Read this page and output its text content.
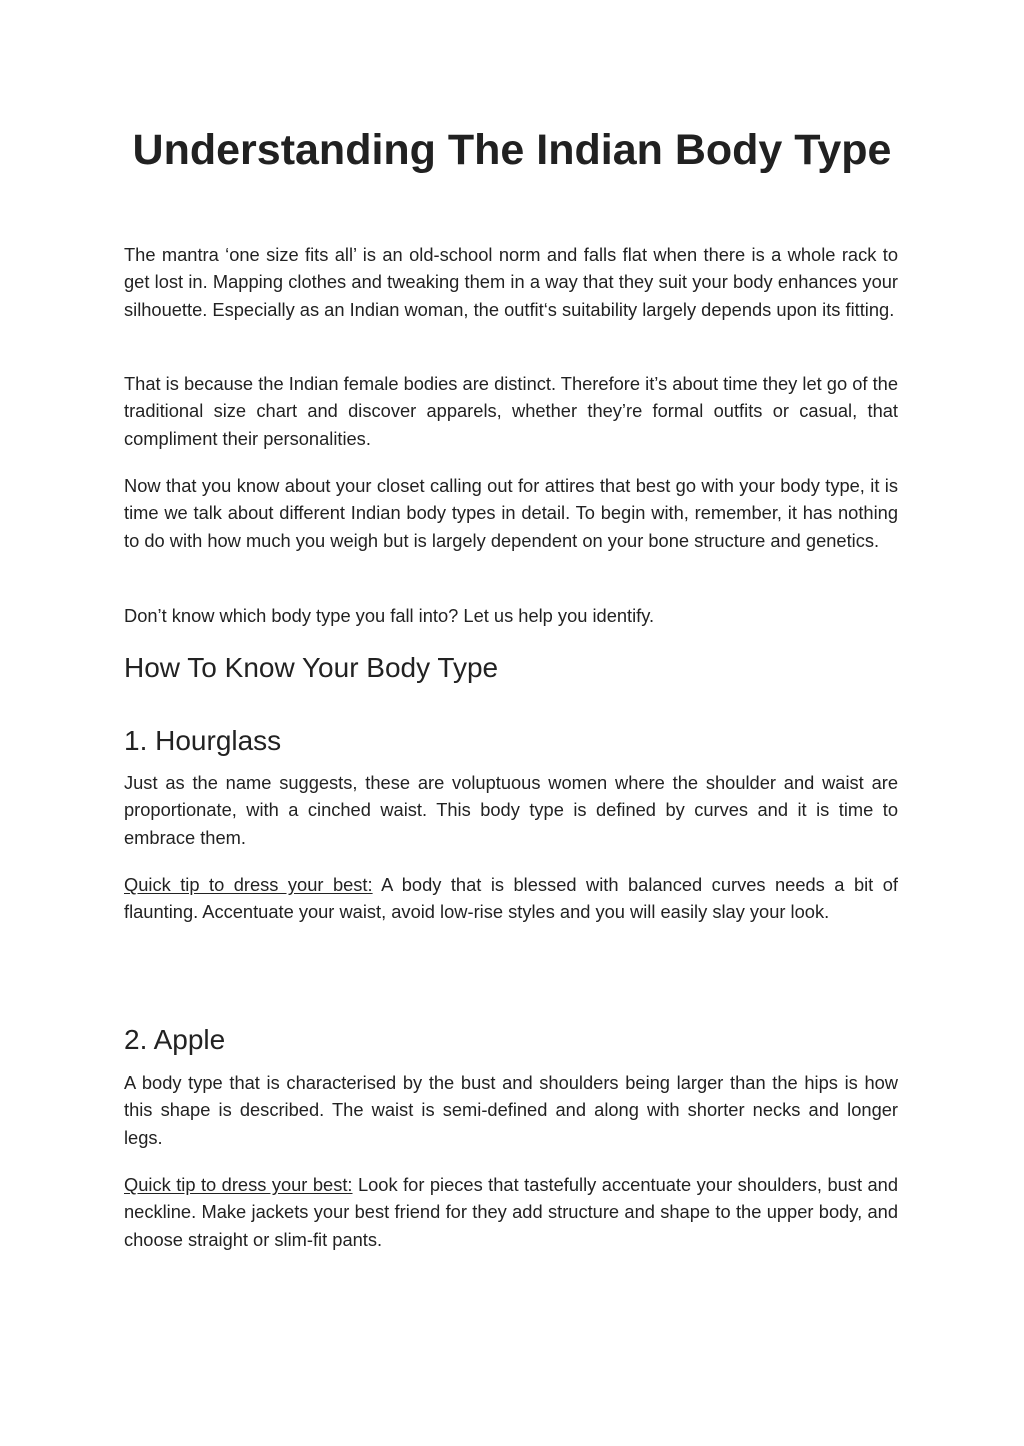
Understanding The Indian Body Type

The mantra ‘one size fits all’ is an old-school norm and falls flat when there is a whole rack to get lost in. Mapping clothes and tweaking them in a way that they suit your body enhances your silhouette. Especially as an Indian woman, the outfit‘s suitability largely depends upon its fitting.

That is because the Indian female bodies are distinct. Therefore it’s about time they let go of the traditional size chart and discover apparels, whether they’re formal outfits or casual, that compliment their personalities.

Now that you know about your closet calling out for attires that best go with your body type, it is time we talk about different Indian body types in detail. To begin with, remember, it has nothing to do with how much you weigh but is largely dependent on your bone structure and genetics.

Don’t know which body type you fall into? Let us help you identify.

How To Know Your Body Type
1. Hourglass

Just as the name suggests, these are voluptuous women where the shoulder and waist are proportionate, with a cinched waist. This body type is defined by curves and it is time to embrace them.

Quick tip to dress your best: A body that is blessed with balanced curves needs a bit of flaunting. Accentuate your waist, avoid low-rise styles and you will easily slay your look.

2. Apple

A body type that is characterised by the bust and shoulders being larger than the hips is how this shape is described. The waist is semi-defined and along with shorter necks and longer legs.

Quick tip to dress your best: Look for pieces that tastefully accentuate your shoulders, bust and neckline. Make jackets your best friend for they add structure and shape to the upper body, and choose straight or slim-fit pants.
